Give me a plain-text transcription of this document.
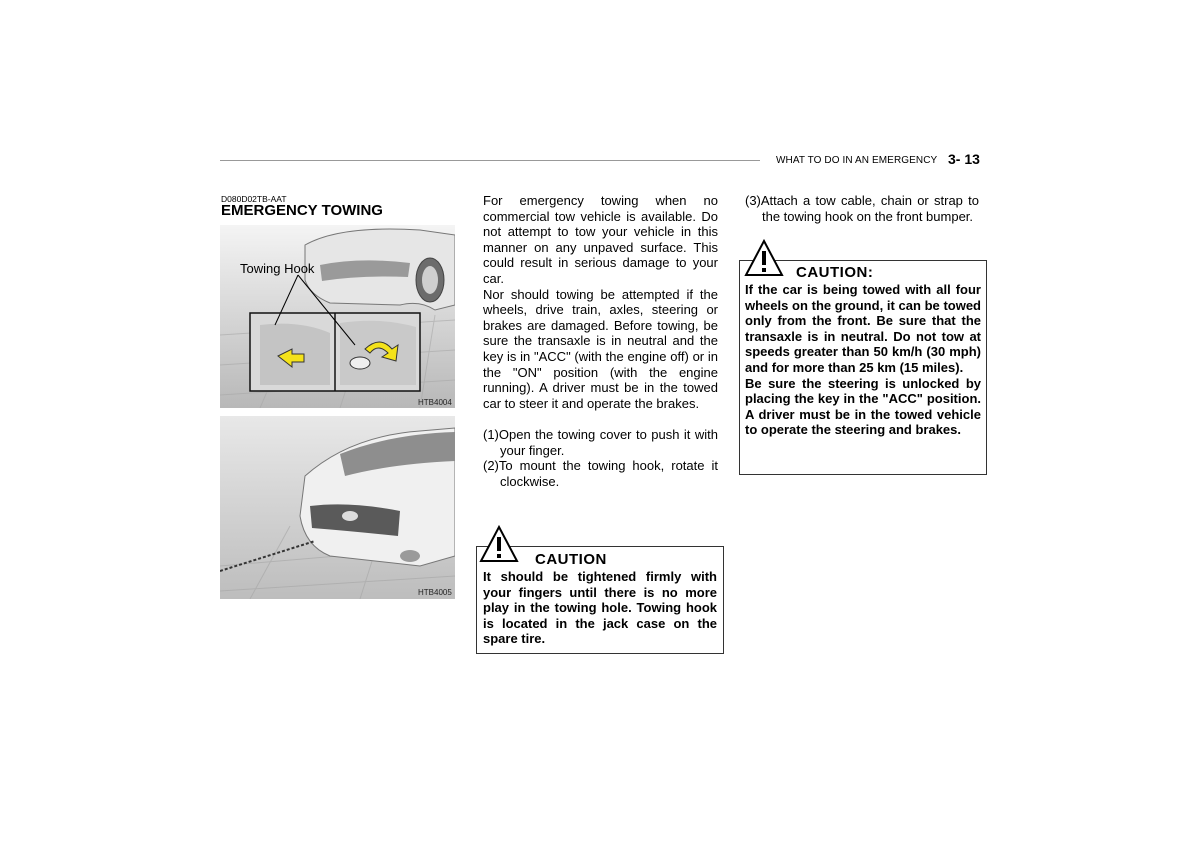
WHAT TO DO IN AN EMERGENCY 3- 13
D080D02TB-AAT
EMERGENCY TOWING
Towing Hook
HTB4004
HTB4005

For emergency towing when no commercial tow vehicle is available. Do not attempt to tow your vehicle in this manner on any unpaved surface. This could result in serious damage to your car.

Nor should towing be attempted if the wheels, drive train, axles, steering or brakes are damaged. Before towing, be sure the transaxle is in neutral and the key is in "ACC" (with the engine off) or in the "ON" position (with the engine running). A driver must be in the towed car to steer it and operate the brakes.

(1)Open the towing cover to push it with your finger.
(2)To mount the towing hook, rotate it clockwise.
CAUTION
It should be tightened firmly with your fingers until there is no more play in the towing hole. Towing hook is located in the jack case on the spare tire.
(3)Attach a tow cable, chain or strap to the towing hook on the front bumper.
CAUTION:
If the car is being towed with all four wheels on the ground, it can be towed only from the front. Be sure that the transaxle is in neutral. Do not tow at speeds greater than 50 km/h (30 mph) and for more than 25 km (15 miles).
Be sure the steering is unlocked by placing the key in the "ACC" position. A driver must be in the towed vehicle to operate the steering and brakes.
